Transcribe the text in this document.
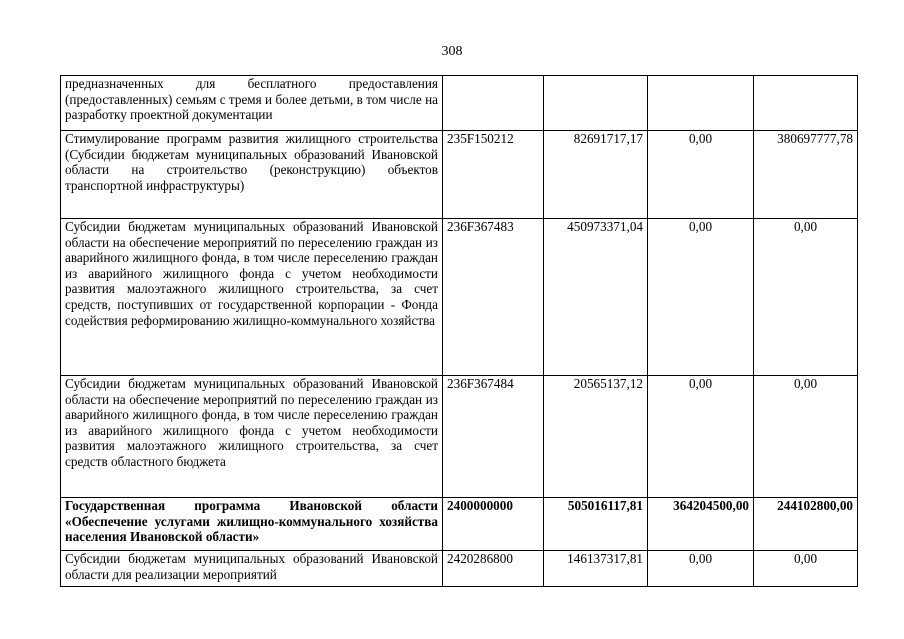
308
предназначенных для бесплатного предоставления (предоставленных) семьям с тремя и более детьми, в том числе на разработку проектной документации				
Стимулирование программ развития жилищного строительства (Субсидии бюджетам муниципальных образований Ивановской области на строительство (реконструкцию) объектов транспортной инфраструктуры)	235F150212	82691717,17	0,00	380697777,78
Субсидии бюджетам муниципальных образований Ивановской области на обеспечение мероприятий по переселению граждан из аварийного жилищного фонда, в том числе переселению граждан из аварийного жилищного фонда с учетом необходимости развития малоэтажного жилищного строительства, за счет средств, поступивших от государственной корпорации - Фонда содействия реформированию жилищно-коммунального хозяйства	236F367483	450973371,04	0,00	0,00
Субсидии бюджетам муниципальных образований Ивановской области на обеспечение мероприятий по переселению граждан из аварийного жилищного фонда, в том числе переселению граждан из аварийного жилищного фонда с учетом необходимости развития малоэтажного жилищного строительства, за счет средств областного бюджета	236F367484	20565137,12	0,00	0,00
Государственная программа Ивановской области «Обеспечение услугами жилищно-коммунального хозяйства населения Ивановской области»	2400000000	505016117,81	364204500,00	244102800,00
Субсидии бюджетам муниципальных образований Ивановской области для реализации мероприятий	2420286800	146137317,81	0,00	0,00
